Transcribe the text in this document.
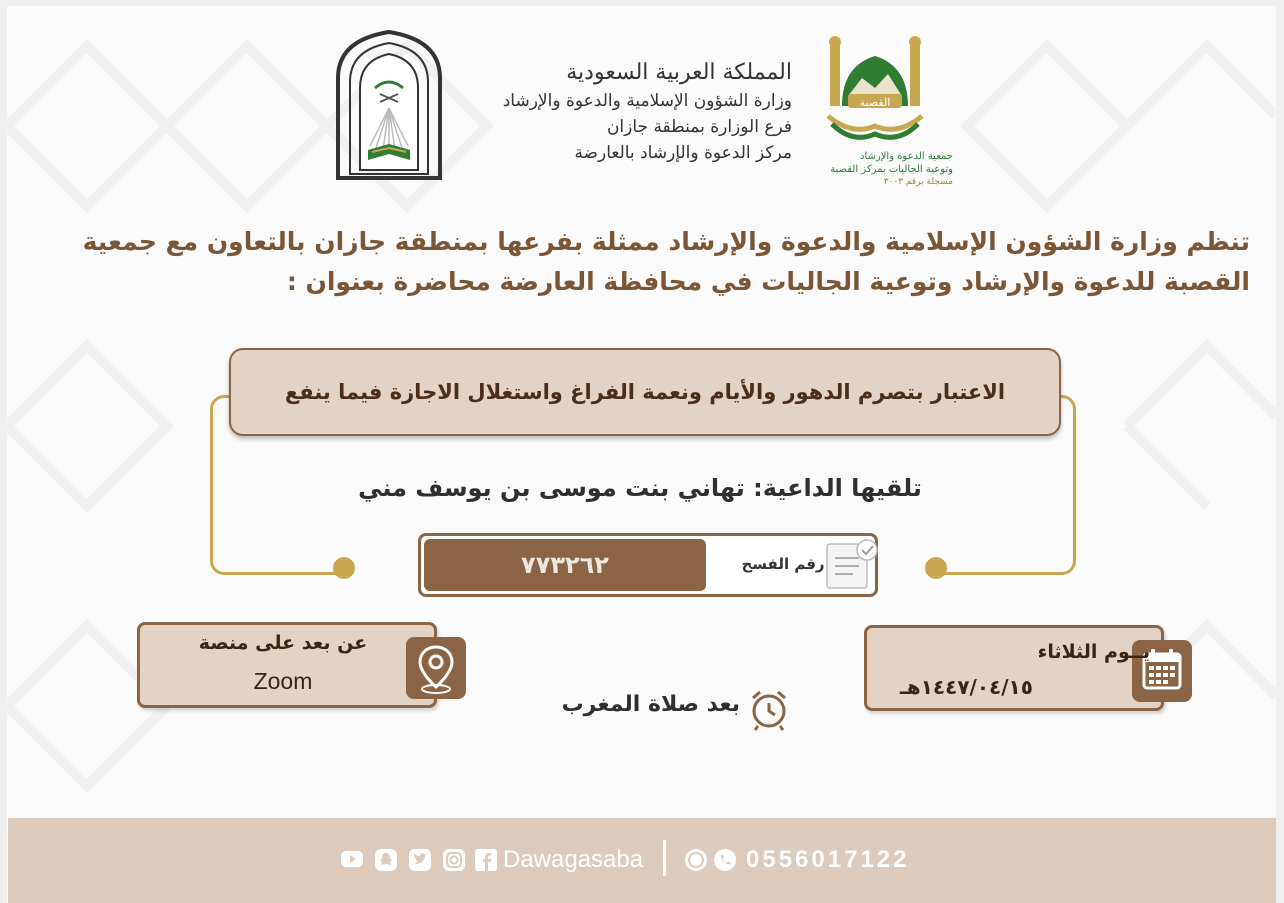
المملكة العربية السعودية
وزارة الشؤون الإسلامية والدعوة والإرشاد
فرع الوزارة بمنطقة جازان
مركز الدعوة والإرشاد بالعارضة
القصبة
جمعية الدعوة والإرشاد
وتوعية الجاليات بمركز القصبة
مسجلة برقم ٣٠٠٣
تنظم وزارة الشؤون الإسلامية والدعوة والإرشاد ممثلة بفرعها بمنطقة جازان بالتعاون مع جمعية
القصبة للدعوة والإرشاد وتوعية الجاليات في محافظة العارضة محاضرة بعنوان :
الاعتبار بتصرم الدهور والأيام ونعمة الفراغ واستغلال الاجازة فيما ينفع
تلقيها الداعية: تهاني بنت موسى بن يوسف مني
٧٧٣٢٦٢	رقم الفسح
يــوم الثلاثاء
١٤٤٧/٠٤/١٥هـ
عن بعد على منصة
Zoom
بعد صلاة المغرب
Dawagasaba	0556017122
